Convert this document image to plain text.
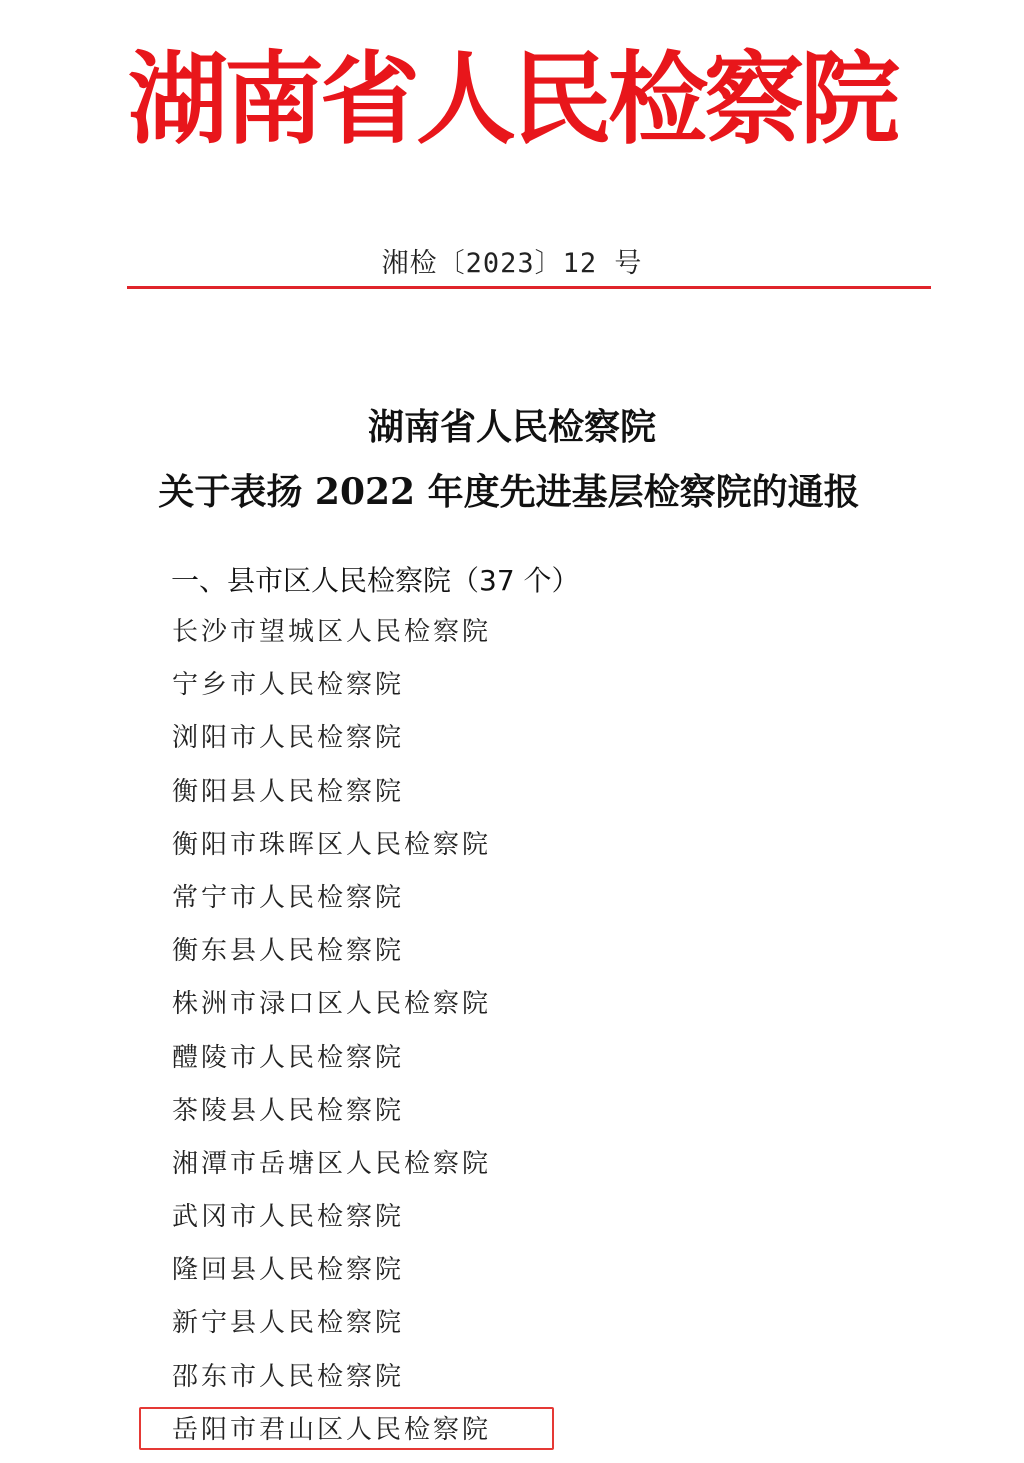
湖南省人民检察院
湘检〔2023〕12 号
湖南省人民检察院
关于表扬 2022 年度先进基层检察院的通报
一、县市区人民检察院（37 个）
长沙市望城区人民检察院
宁乡市人民检察院
浏阳市人民检察院
衡阳县人民检察院
衡阳市珠晖区人民检察院
常宁市人民检察院
衡东县人民检察院
株洲市渌口区人民检察院
醴陵市人民检察院
茶陵县人民检察院
湘潭市岳塘区人民检察院
武冈市人民检察院
隆回县人民检察院
新宁县人民检察院
邵东市人民检察院
岳阳市君山区人民检察院
